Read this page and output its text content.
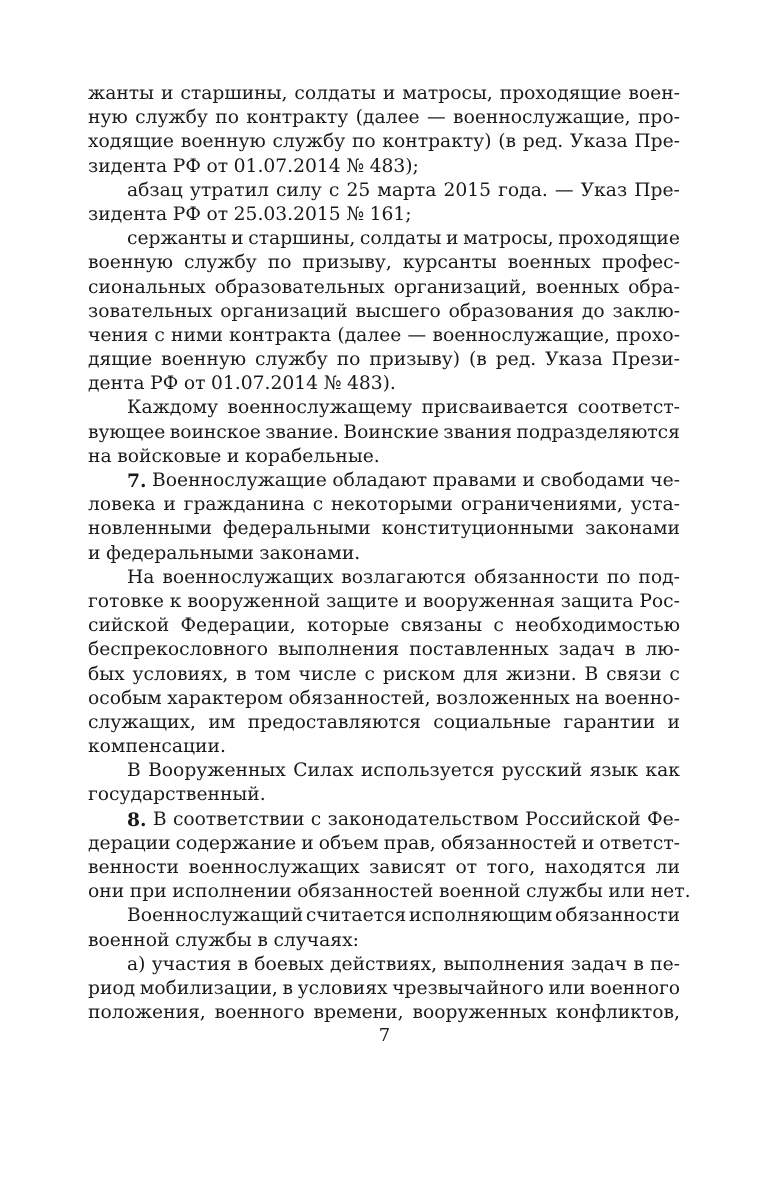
жанты и старшины, солдаты и матросы, проходящие воен-
ную службу по контракту (далее — военнослужащие, про-
ходящие военную службу по контракту) (в ред. Указа Пре-
зидента РФ от 01.07.2014 № 483);
абзац утратил силу с 25 марта 2015 года. — Указ Пре-
зидента РФ от 25.03.2015 № 161;
сержанты и старшины, солдаты и матросы, проходящие
военную службу по призыву, курсанты военных профес-
сиональных образовательных организаций, военных обра-
зовательных организаций высшего образования до заклю-
чения с ними контракта (далее — военнослужащие, прохо-
дящие военную службу по призыву) (в ред. Указа Прези-
дента РФ от 01.07.2014 № 483).
Каждому военнослужащему присваивается соответст-
вующее воинское звание. Воинские звания подразделяются
на войсковые и корабельные.
7. Военнослужащие обладают правами и свободами че-
ловека и гражданина с некоторыми ограничениями, уста-
новленными федеральными конституционными законами
и федеральными законами.
На военнослужащих возлагаются обязанности по под-
готовке к вооруженной защите и вооруженная защита Рос-
сийской Федерации, которые связаны с необходимостью
беспрекословного выполнения поставленных задач в лю-
бых условиях, в том числе с риском для жизни. В связи с
особым характером обязанностей, возложенных на военно-
служащих, им предоставляются социальные гарантии и
компенсации.
В Вооруженных Силах используется русский язык как
государственный.
8. В соответствии с законодательством Российской Фе-
дерации содержание и объем прав, обязанностей и ответст-
венности военнослужащих зависят от того, находятся ли
они при исполнении обязанностей военной службы или нет.
Военнослужащий считается исполняющим обязанности
военной службы в случаях:
а) участия в боевых действиях, выполнения задач в пе-
риод мобилизации, в условиях чрезвычайного или военного
положения, военного времени, вооруженных конфликтов,
7
